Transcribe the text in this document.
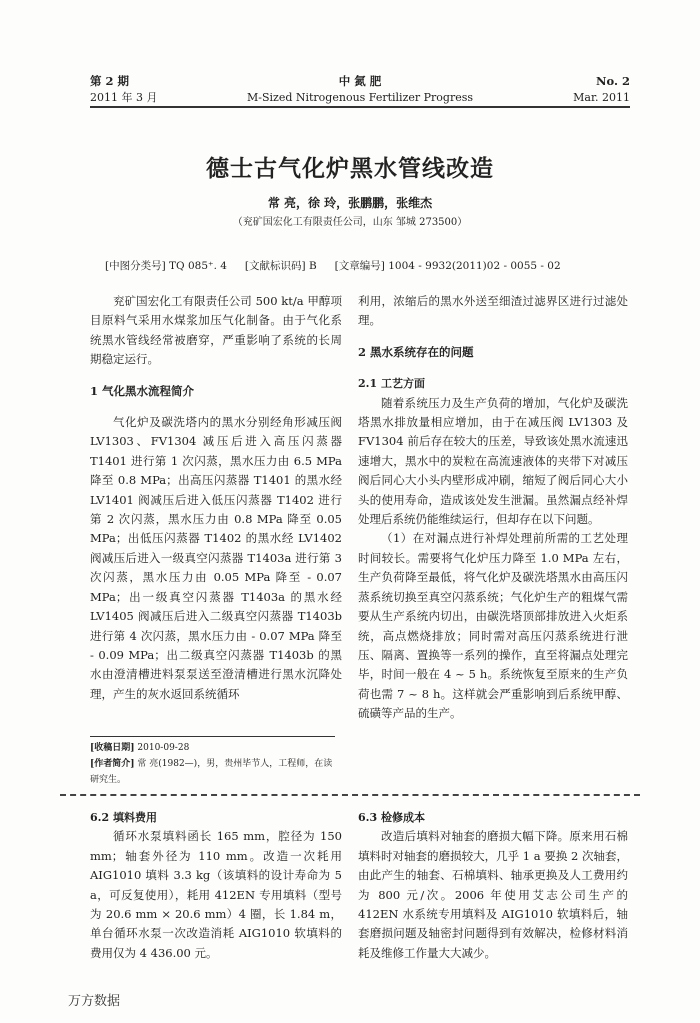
第 2 期	中 氮 肥	No. 2
2011 年 3 月	M-Sized Nitrogenous Fertilizer Progress	Mar. 2011
德士古气化炉黑水管线改造
常 亮，徐 玲，张鹏鹏，张维杰
（兖矿国宏化工有限责任公司，山东 邹城 273500）
[中图分类号] TQ 085⁺. 4 [文献标识码] B [文章编号] 1004 - 9932(2011)02 - 0055 - 02

兖矿国宏化工有限责任公司 500 kt/a 甲醇项目原料气采用水煤浆加压气化制备。由于气化系统黑水管线经常被磨穿，严重影响了系统的长周期稳定运行。

1 气化黑水流程简介

气化炉及碳洗塔内的黑水分别经角形减压阀 LV1303、FV1304 减压后进入高压闪蒸器 T1401 进行第 1 次闪蒸，黑水压力由 6.5 MPa 降至 0.8 MPa；出高压闪蒸器 T1401 的黑水经 LV1401 阀减压后进入低压闪蒸器 T1402 进行第 2 次闪蒸，黑水压力由 0.8 MPa 降至 0.05 MPa；出低压闪蒸器 T1402 的黑水经 LV1402 阀减压后进入一级真空闪蒸器 T1403a 进行第 3 次闪蒸，黑水压力由 0.05 MPa 降至 - 0.07 MPa；出一级真空闪蒸器 T1403a 的黑水经 LV1405 阀减压后进入二级真空闪蒸器 T1403b 进行第 4 次闪蒸，黑水压力由 - 0.07 MPa 降至 - 0.09 MPa；出二级真空闪蒸器 T1403b 的黑水由澄清槽进料泵泵送至澄清槽进行黑水沉降处理，产生的灰水返回系统循环

[收稿日期] 2010-09-28
[作者简介] 常 亮(1982—)，男，贵州毕节人，工程师，在读研究生。

利用，浓缩后的黑水外送至细渣过滤界区进行过滤处理。

2 黑水系统存在的问题
2.1 工艺方面

随着系统压力及生产负荷的增加，气化炉及碳洗塔黑水排放量相应增加，由于在减压阀 LV1303 及 FV1304 前后存在较大的压差，导致该处黑水流速迅速增大，黑水中的炭粒在高流速液体的夹带下对减压阀后同心大小头内壁形成冲刷，缩短了阀后同心大小头的使用寿命，造成该处发生泄漏。虽然漏点经补焊处理后系统仍能维续运行，但却存在以下问题。

（1）在对漏点进行补焊处理前所需的工艺处理时间较长。需要将气化炉压力降至 1.0 MPa 左右，生产负荷降至最低，将气化炉及碳洗塔黑水由高压闪蒸系统切换至真空闪蒸系统；气化炉生产的粗煤气需要从生产系统内切出，由碳洗塔顶部排放进入火炬系统，高点燃烧排放；同时需对高压闪蒸系统进行泄压、隔离、置换等一系列的操作，直至将漏点处理完毕，时间一般在 4 ~ 5 h。系统恢复至原来的生产负荷也需 7 ~ 8 h。这样就会严重影响到后系统甲醇、硫磺等产品的生产。

6.2 填料费用

循环水泵填料函长 165 mm，腔径为 150 mm；轴套外径为 110 mm。改造一次耗用 AIG1010 填料 3.3 kg（该填料的设计寿命为 5 a，可反复使用），耗用 412EN 专用填料（型号为 20.6 mm × 20.6 mm）4 圈，长 1.84 m，单台循环水泵一次改造消耗 AIG1010 软填料的费用仅为 4 436.00 元。

6.3 检修成本

改造后填料对轴套的磨损大幅下降。原来用石棉填料时对轴套的磨损较大，几乎 1 a 要换 2 次轴套，由此产生的轴套、石棉填料、轴承更换及人工费用约为 800 元/次。2006 年使用艾志公司生产的 412EN 水系统专用填料及 AIG1010 软填料后，轴套磨损问题及轴密封问题得到有效解决，检修材料消耗及维修工作量大大减少。

万方数据
